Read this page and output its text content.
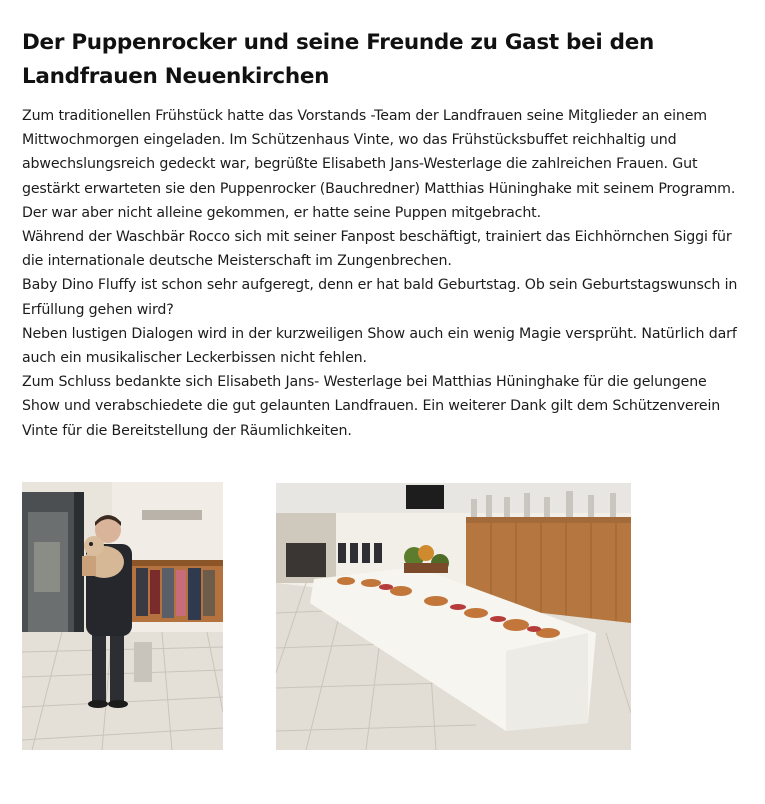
Der Puppenrocker und seine Freunde zu Gast bei den Landfrauen Neuenkirchen

Zum traditionellen Frühstück hatte das Vorstands -Team der Landfrauen seine Mitglieder an einem Mittwochmorgen eingeladen. Im Schützenhaus Vinte, wo das Frühstücksbuffet reichhaltig und abwechslungsreich gedeckt war, begrüßte Elisabeth Jans-Westerlage die zahlreichen Frauen. Gut gestärkt erwarteten sie den Puppenrocker (Bauchredner) Matthias Hüninghake mit seinem Programm. Der war aber nicht alleine gekommen, er hatte seine Puppen mitgebracht.

Während der Waschbär Rocco sich mit seiner Fanpost beschäftigt, trainiert das Eichhörnchen Siggi für die internationale deutsche Meisterschaft im Zungenbrechen.

Baby Dino Fluffy ist schon sehr aufgeregt, denn er hat bald Geburtstag. Ob sein Geburtstagswunsch in Erfüllung gehen wird?

Neben lustigen Dialogen wird in der kurzweiligen Show auch ein wenig Magie versprüht. Natürlich darf auch ein musikalischer Leckerbissen nicht fehlen.

Zum Schluss bedankte sich Elisabeth Jans- Westerlage bei Matthias Hüninghake für die gelungene Show und verabschiedete die gut gelaunten Landfrauen. Ein weiterer Dank gilt dem Schützenverein Vinte für die Bereitstellung der Räumlichkeiten.
